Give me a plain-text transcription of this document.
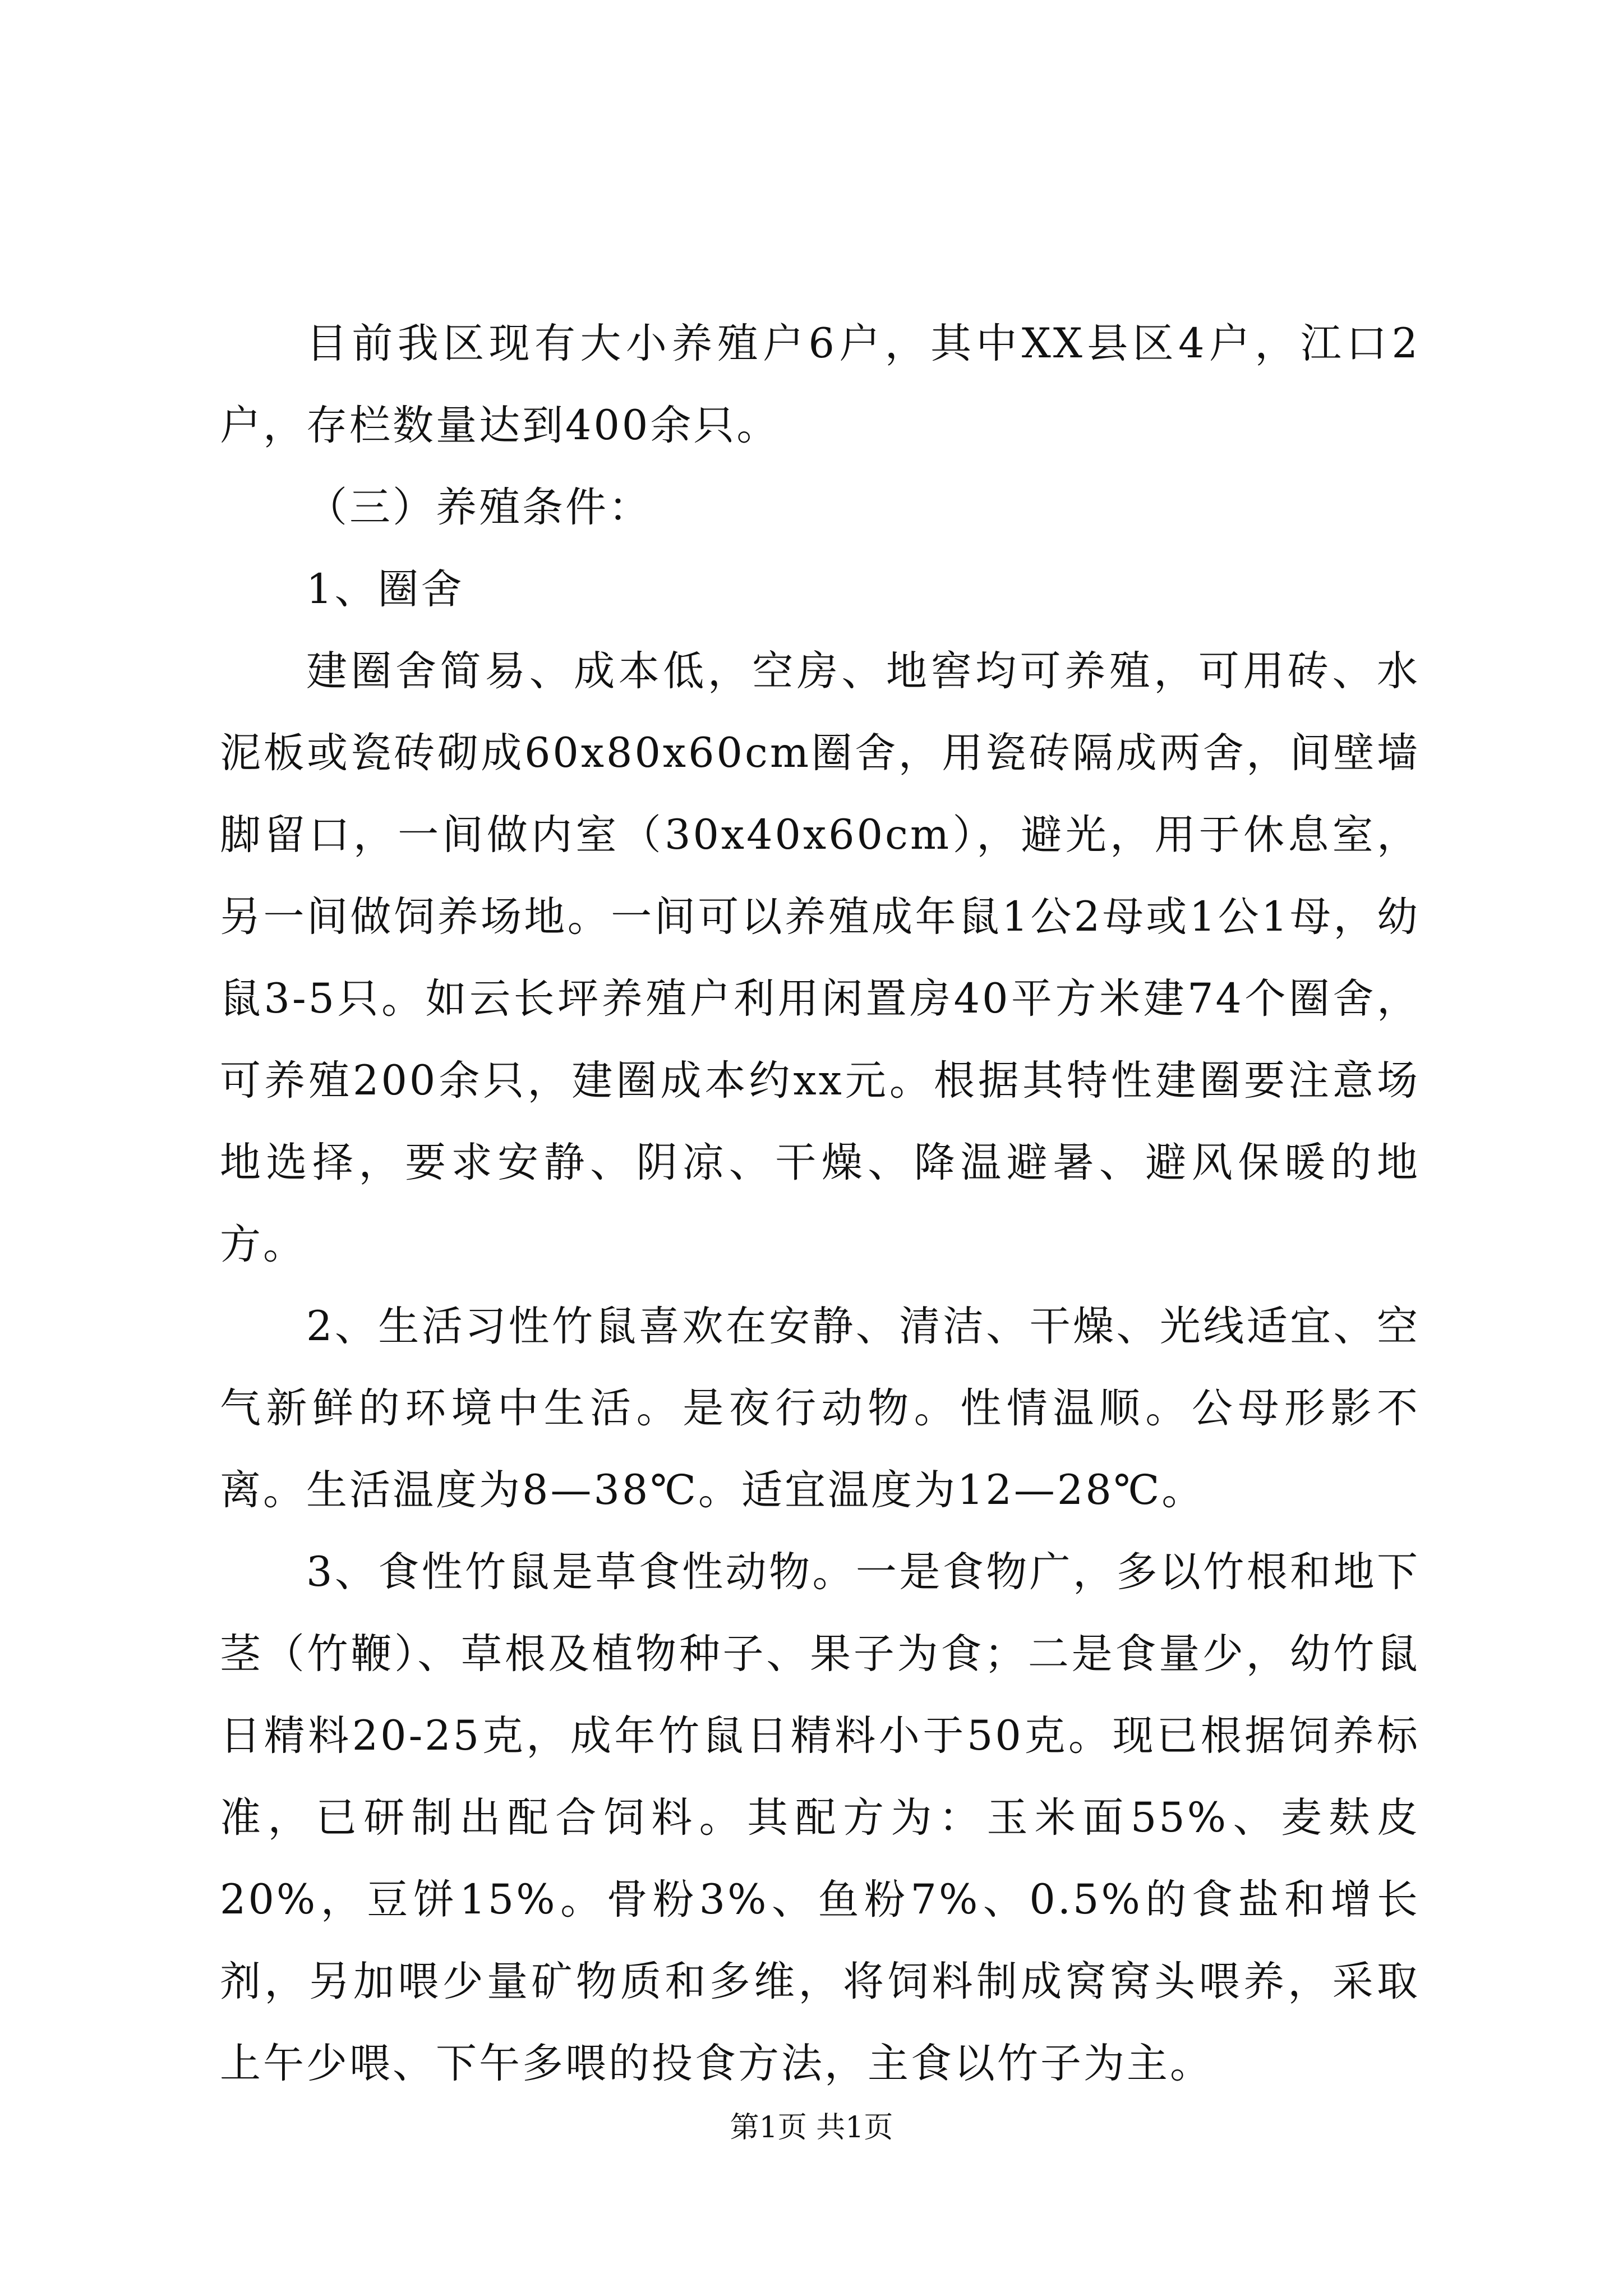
目前我区现有大小养殖户6户，其中XX县区4户，江口2户，存栏数量达到400余只。

（三）养殖条件：

1、圈舍

建圈舍简易、成本低，空房、地窖均可养殖，可用砖、水泥板或瓷砖砌成60x80x60cm圈舍，用瓷砖隔成两舍，间壁墙脚留口，一间做内室（30x40x60cm），避光，用于休息室，另一间做饲养场地。一间可以养殖成年鼠1公2母或1公1母，幼鼠3-5只。如云长坪养殖户利用闲置房40平方米建74个圈舍，可养殖200余只，建圈成本约xx元。根据其特性建圈要注意场地选择，要求安静、阴凉、干燥、降温避暑、避风保暖的地方。

2、生活习性竹鼠喜欢在安静、清洁、干燥、光线适宜、空气新鲜的环境中生活。是夜行动物。性情温顺。公母形影不离。生活温度为8—38℃。适宜温度为12—28℃。

3、食性竹鼠是草食性动物。一是食物广，多以竹根和地下茎（竹鞭）、草根及植物种子、果子为食；二是食量少，幼竹鼠日精料20-25克，成年竹鼠日精料小于50克。现已根据饲养标准，已研制出配合饲料。其配方为：玉米面55%、麦麸皮20%，豆饼15%。骨粉3%、鱼粉7%、0.5%的食盐和增长剂，另加喂少量矿物质和多维，将饲料制成窝窝头喂养，采取上午少喂、下午多喂的投食方法，主食以竹子为主。

第1页 共1页
